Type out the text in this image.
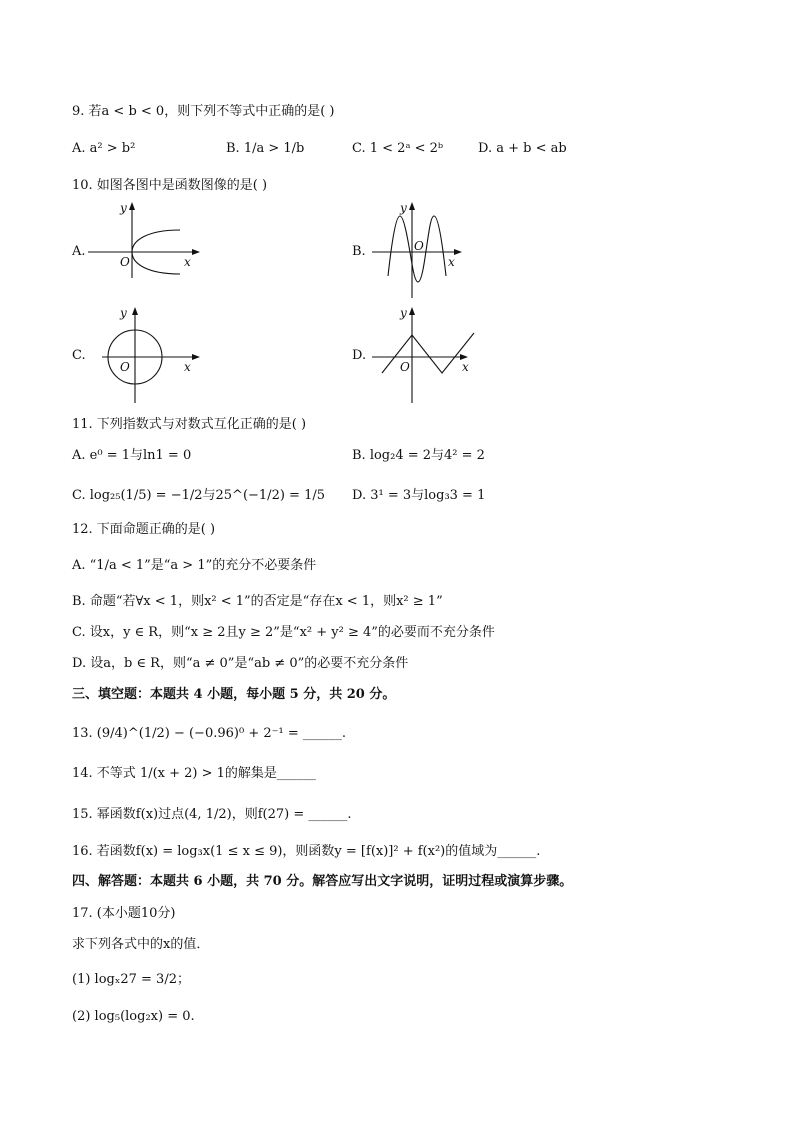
9. 若a < b < 0，则下列不等式中正确的是( )
A. a² > b²	B. 1/a > 1/b	C. 1 < 2ᵃ < 2ᵇ	D. a + b < ab
10. 如图各图中是函数图像的是( )
A.
O	x
y
B.	O
x
y
C.
O	x
y
D.
O	x
y
11. 下列指数式与对数式互化正确的是( )
A. e⁰ = 1与ln1 = 0	B. log₂4 = 2与4² = 2
C. log₂₅(1/5) = −1/2与25^(−1/2) = 1/5 D. 3¹ = 3与log₃3 = 1
12. 下面命题正确的是( )
A. “1/a < 1”是“a > 1”的充分不必要条件
B. 命题“若∀x < 1，则x² < 1”的否定是“存在x < 1，则x² ≥ 1”
C. 设x，y ∈ R，则“x ≥ 2且y ≥ 2”是“x² + y² ≥ 4”的必要而不充分条件
D. 设a，b ∈ R，则“a ≠ 0”是“ab ≠ 0”的必要不充分条件
三、填空题：本题共 4 小题，每小题 5 分，共 20 分。
13. (9/4)^(1/2) − (−0.96)⁰ + 2⁻¹ = ______.
14. 不等式 1/(x + 2) > 1的解集是______
15. 幂函数f(x)过点(4, 1/2)，则f(27) = ______.
16. 若函数f(x) = log₃x(1 ≤ x ≤ 9)，则函数y = [f(x)]² + f(x²)的值域为______.
四、解答题：本题共 6 小题，共 70 分。解答应写出文字说明，证明过程或演算步骤。
17. (本小题10分)
求下列各式中的x的值．
(1) logₓ27 = 3/2；
(2) log₅(log₂x) = 0.
